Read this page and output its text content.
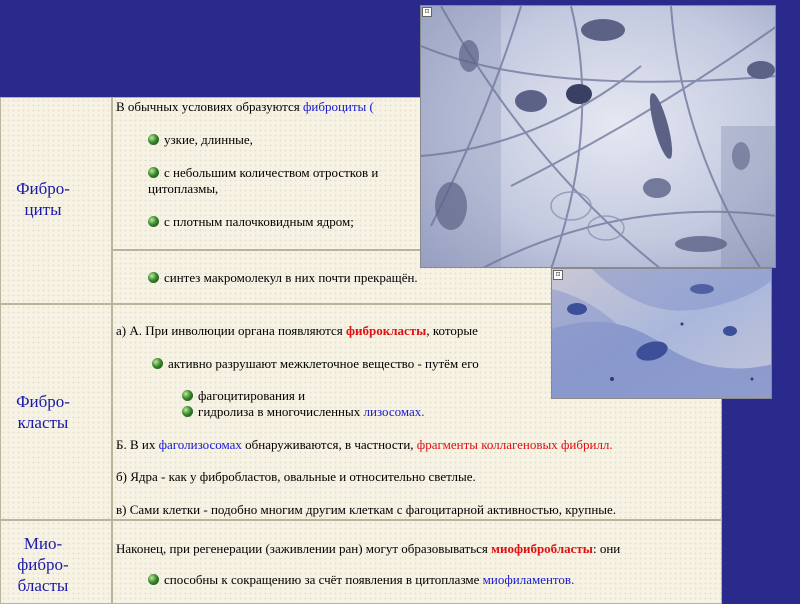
Фибро-
циты
В обычных условиях образуются фиброциты (
узкие, длинные,
с небольшим количеством отростков и
цитоплазмы,
с плотным палочковидным ядром;
синтез макромолекул в них почти прекращён.
Фибро-
класты
а) А. При инволюции органа появляются фиброкласты, которые
активно разрушают межклеточное вещество - путём его
фагоцитирования и
гидролиза в многочисленных лизосомах.
Б. В их фаголизосомах обнаруживаются, в частности, фрагменты коллагеновых фибрилл.
б) Ядра - как у фибробластов, овальные и относительно светлые.
в) Сами клетки - подобно многим другим клеткам с фагоцитарной активностью, крупные.
Мио-
фибро-
бласты
Наконец, при регенерации (заживлении ран) могут образовываться миофибробласты: они
способны к сокращению за счёт появления в цитоплазме миофиламентов.
⊡
⊡
